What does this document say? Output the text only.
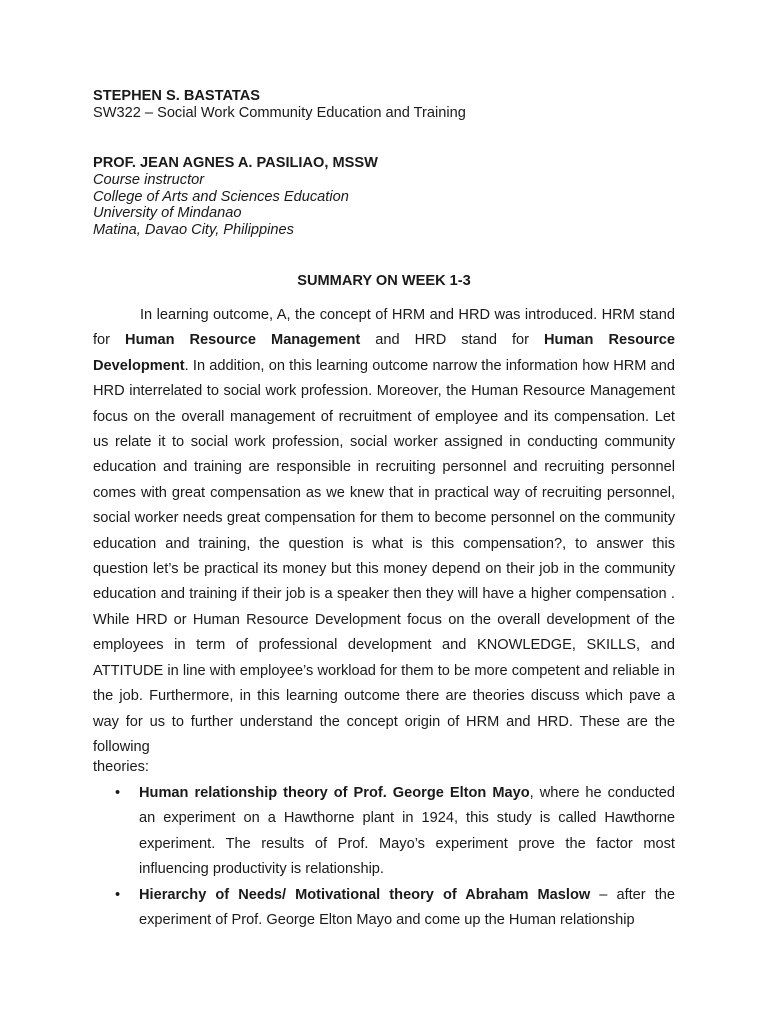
STEPHEN S. BASTATAS
SW322 – Social Work Community Education and Training
PROF. JEAN AGNES A. PASILIAO, MSSW
Course instructor
College of Arts and Sciences Education
University of Mindanao
Matina, Davao City, Philippines
SUMMARY ON WEEK 1-3
In learning outcome, A, the concept of HRM and HRD was introduced. HRM stand for Human Resource Management and HRD stand for Human Resource Development. In addition, on this learning outcome narrow the information how HRM and HRD interrelated to social work profession. Moreover, the Human Resource Management focus on the overall management of recruitment of employee and its compensation. Let us relate it to social work profession, social worker assigned in conducting community education and training are responsible in recruiting personnel and recruiting personnel comes with great compensation as we knew that in practical way of recruiting personnel, social worker needs great compensation for them to become personnel on the community education and training, the question is what is this compensation?, to answer this question let’s be practical its money but this money depend on their job in the community education and training if their job is a speaker then they will have a higher compensation . While HRD or Human Resource Development focus on the overall development of the employees in term of professional development and KNOWLEDGE, SKILLS, and ATTITUDE in line with employee’s workload for them to be more competent and reliable in the job. Furthermore, in this learning outcome there are theories discuss which pave a way for us to further understand the concept origin of HRM and HRD. These are the following
theories:
• Human relationship theory of Prof. George Elton Mayo, where he conducted an experiment on a Hawthorne plant in 1924, this study is called Hawthorne experiment. The results of Prof. Mayo’s experiment prove the factor most influencing productivity is relationship.
• Hierarchy of Needs/ Motivational theory of Abraham Maslow – after the experiment of Prof. George Elton Mayo and come up the Human relationship
